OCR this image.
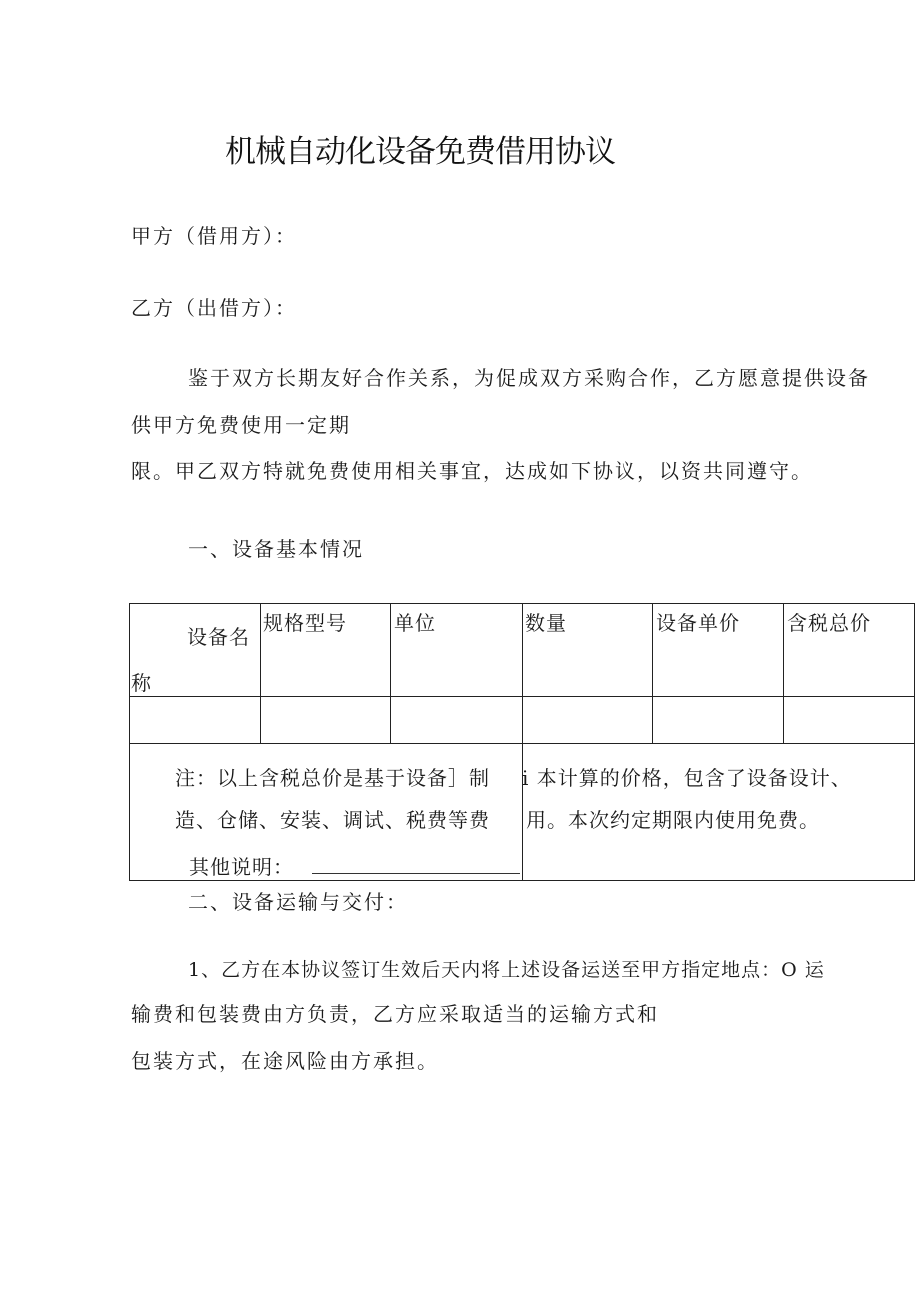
机械自动化设备免费借用协议
甲方（借用方）：
乙方（出借方）：
鉴于双方长期友好合作关系，为促成双方采购合作，乙方愿意提供设备
供甲方免费使用一定期
限。甲乙双方特就免费使用相关事宜，达成如下协议，以资共同遵守。
一、设备基本情况
设备名
称
规格型号 单位	数量	设备单价 含税总价
注：以上含税总价是基于设备］制 i 本计算的价格，包含了设备设计、
造、仓储、安装、调试、税费等费 用。本次约定期限内使用免费。
其他说明：
二、设备运输与交付：
1、乙方在本协议签订生效后天内将上述设备运送至甲方指定地点：O 运
输费和包装费由方负责，乙方应采取适当的运输方式和
包装方式，在途风险由方承担。
